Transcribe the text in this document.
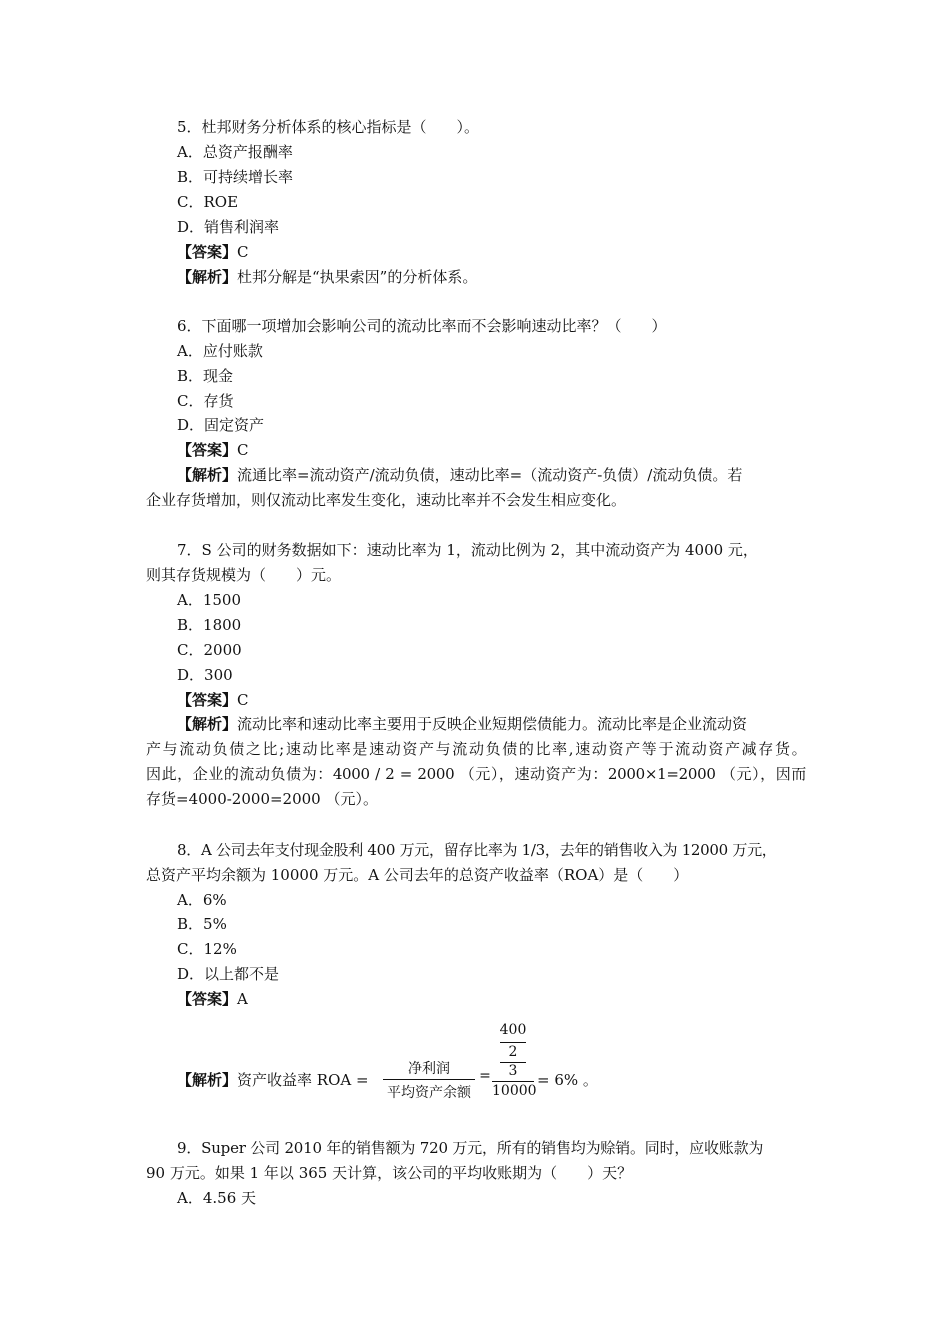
5．杜邦财务分析体系的核心指标是（　　）。
A．总资产报酬率
B．可持续增长率
C．ROE
D．销售利润率
【答案】C
【解析】杜邦分解是“执果索因”的分析体系。
6．下面哪一项增加会影响公司的流动比率而不会影响速动比率？（　　）
A．应付账款
B．现金
C．存货
D．固定资产
【答案】C
【解析】流通比率=流动资产/流动负债，速动比率=（流动资产-负债）/流动负债。若
企业存货增加，则仅流动比率发生变化，速动比率并不会发生相应变化。
7．S 公司的财务数据如下：速动比率为 1，流动比例为 2，其中流动资产为 4000 元，
则其存货规模为（　　）元。
A．1500
B．1800
C．2000
D．300
【答案】C
【解析】流动比率和速动比率主要用于反映企业短期偿债能力。流动比率是企业流动资
产与流动负债之比;速动比率是速动资产与流动负债的比率,速动资产等于流动资产减存货。
因此，企业的流动负债为：4000 / 2 = 2000 （元），速动资产为：2000×1=2000 （元），因而
存货=4000-2000=2000 （元）。
8．A 公司去年支付现金股利 400 万元，留存比率为 1/3，去年的销售收入为 12000 万元，
总资产平均余额为 10000 万元。A 公司去年的总资产收益率（ROA）是（　　）
A．6%
B．5%
C．12%
D．以上都不是
【答案】A
【解析】资产收益率 ROA =
净利润
平均资产余额
=
400
2
3
10000
= 6% 。
9．Super 公司 2010 年的销售额为 720 万元，所有的销售均为赊销。同时，应收账款为
90 万元。如果 1 年以 365 天计算，该公司的平均收账期为（　　）天？
A．4.56 天
